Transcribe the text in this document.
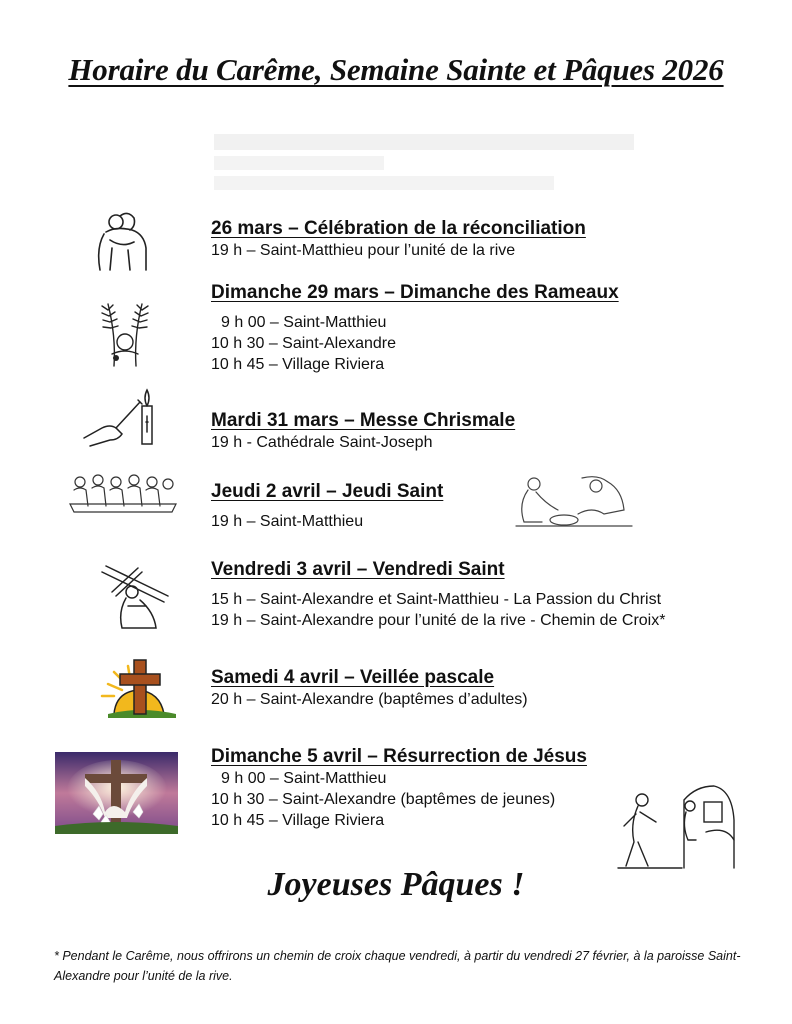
Horaire du Carême, Semaine Sainte et Pâques 2026
26 mars – Célébration de la réconciliation
19 h – Saint-Matthieu pour l’unité de la rive
Dimanche 29 mars – Dimanche des Rameaux
9 h 00 – Saint-Matthieu
10 h 30 – Saint-Alexandre
10 h 45 – Village Riviera
Mardi 31 mars – Messe Chrismale
19 h - Cathédrale Saint-Joseph
Jeudi 2 avril – Jeudi Saint
19 h – Saint-Matthieu
Vendredi 3 avril – Vendredi Saint
15 h – Saint-Alexandre et Saint-Matthieu - La Passion du Christ
19 h – Saint-Alexandre pour l’unité de la rive - Chemin de Croix*
Samedi 4 avril – Veillée pascale
20 h – Saint-Alexandre (baptêmes d’adultes)
Dimanche 5 avril – Résurrection de Jésus
9 h 00 – Saint-Matthieu
10 h 30 – Saint-Alexandre (baptêmes de jeunes)
10 h 45 – Village Riviera
Joyeuses Pâques !
* Pendant le Carême, nous offrirons un chemin de croix chaque vendredi, à partir du vendredi 27 février, à la paroisse Saint-Alexandre pour l’unité de la rive.
